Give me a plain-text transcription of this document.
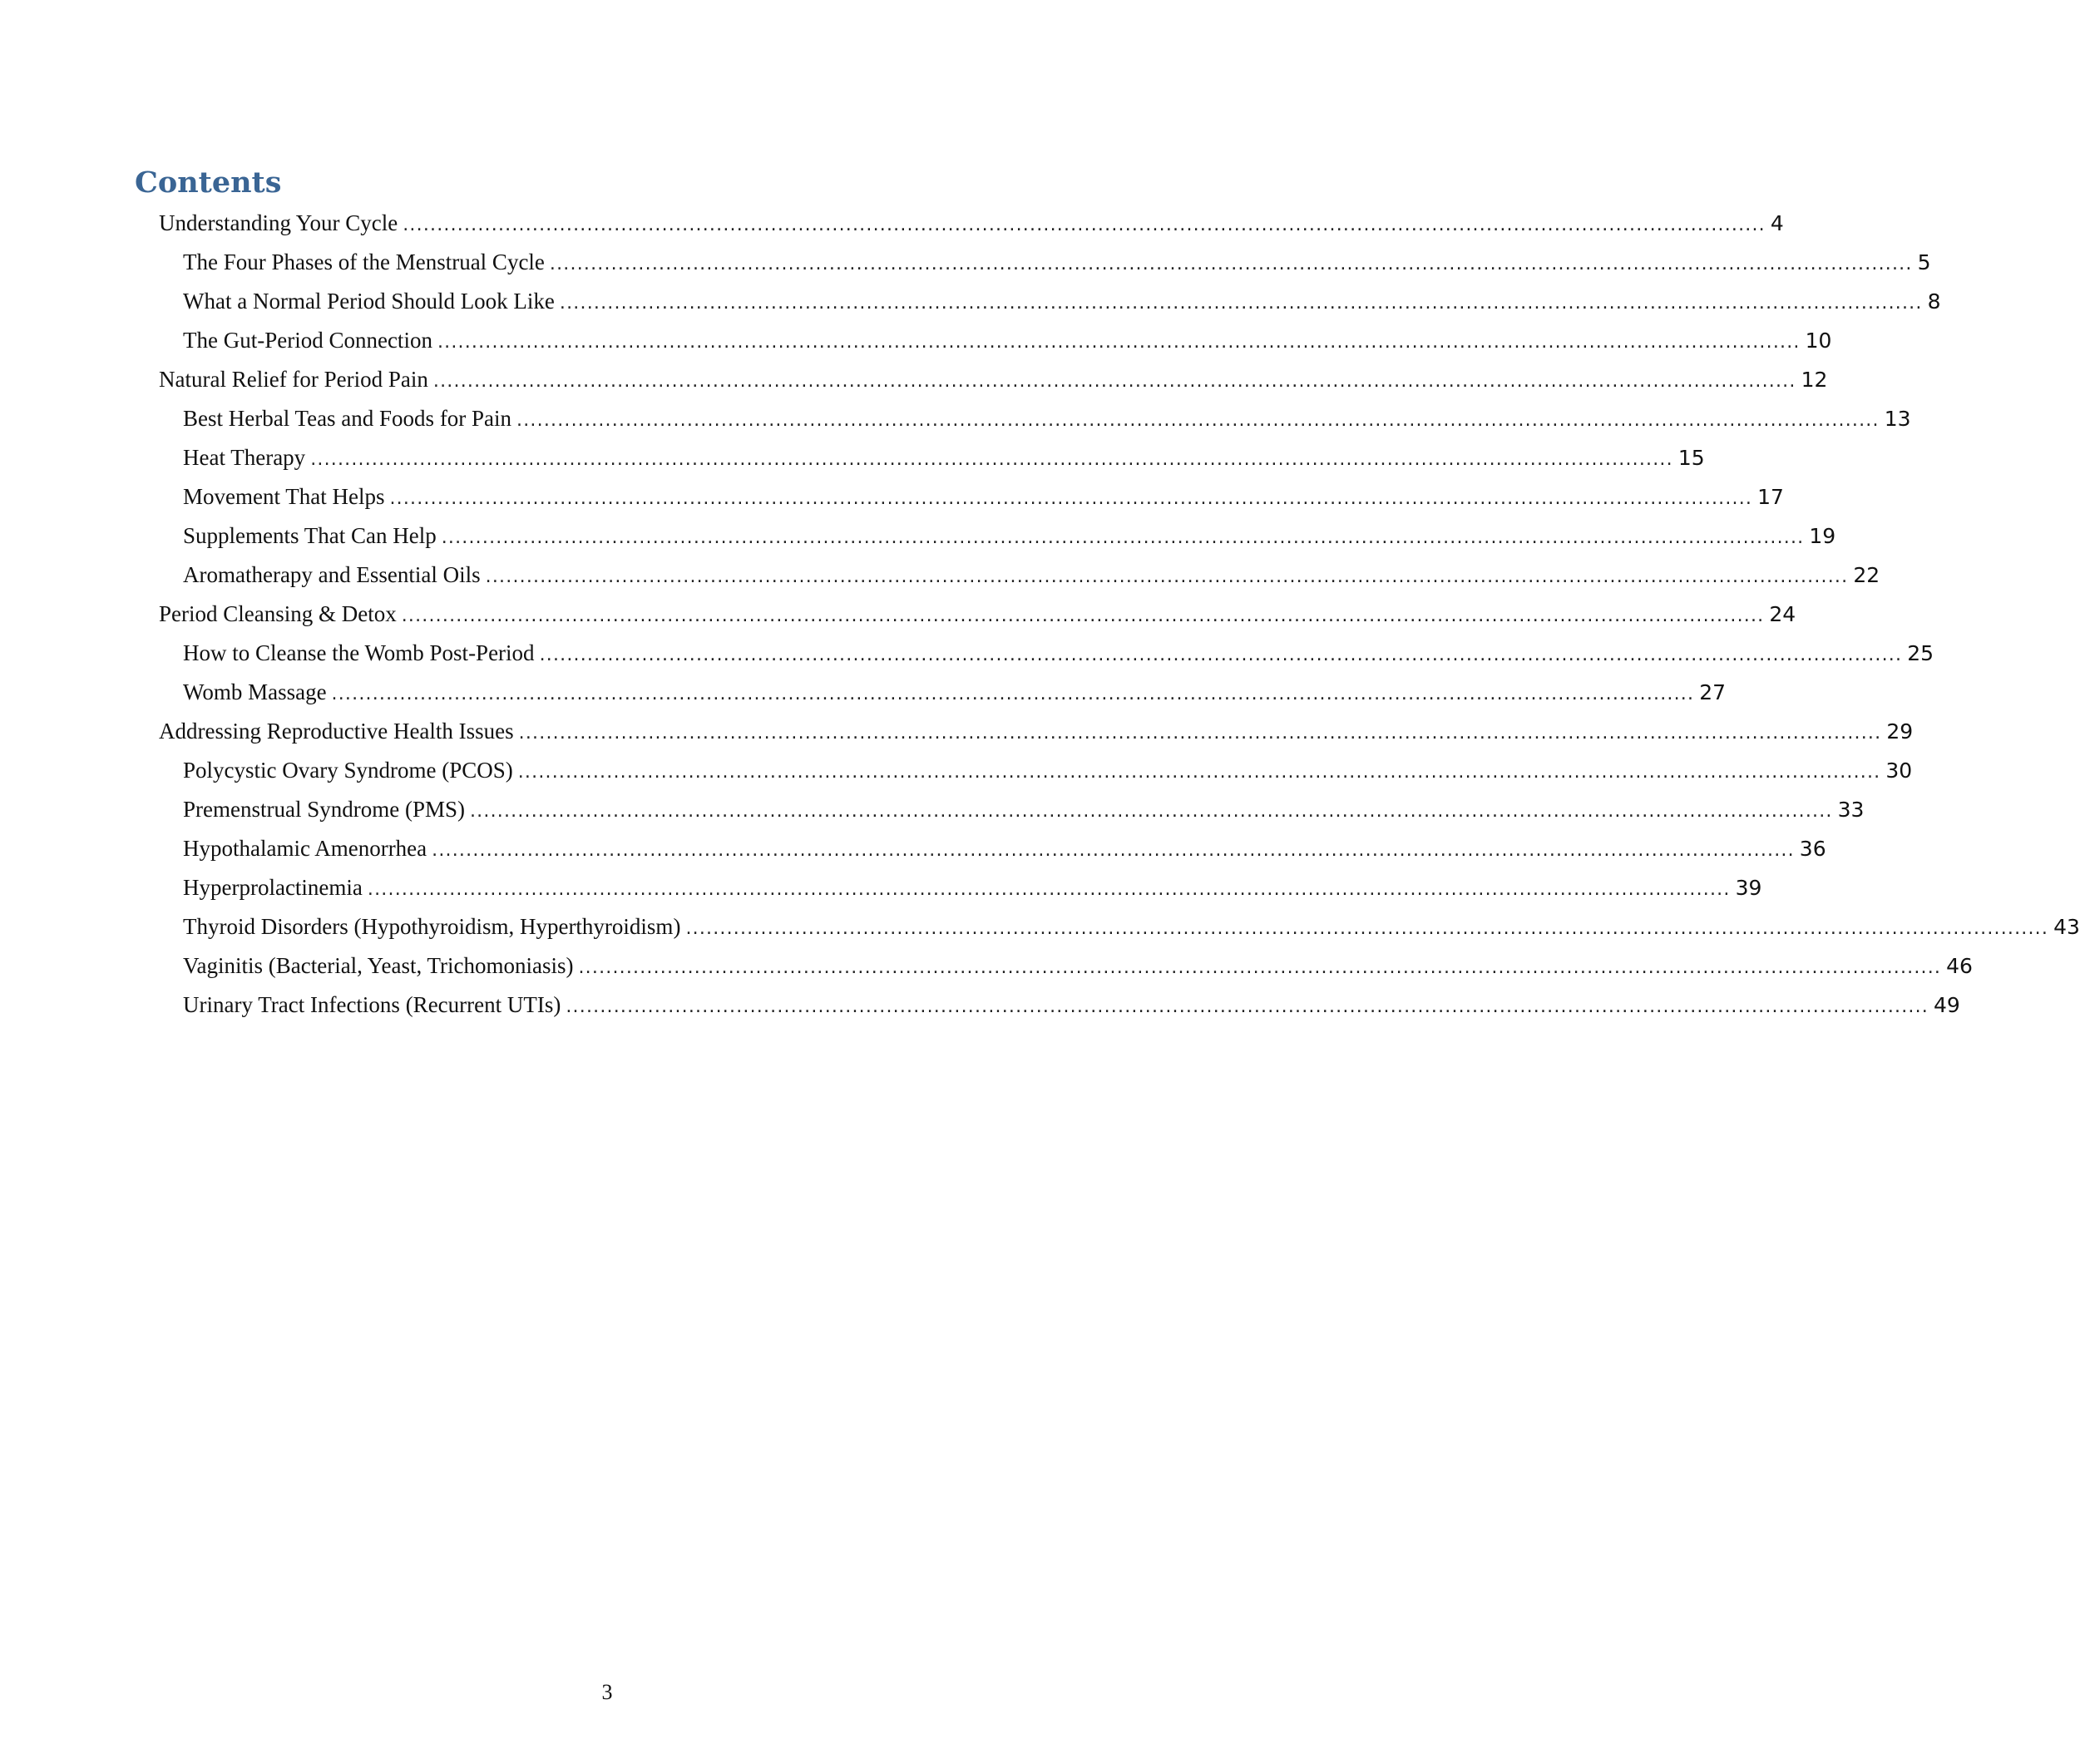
Contents
Understanding Your Cycle ........................................................................................................................................................................................................ 4
The Four Phases of the Menstrual Cycle ........................................................................................................................................................................................................ 5
What a Normal Period Should Look Like ........................................................................................................................................................................................................ 8
The Gut-Period Connection ........................................................................................................................................................................................................ 10
Natural Relief for Period Pain ........................................................................................................................................................................................................ 12
Best Herbal Teas and Foods for Pain ........................................................................................................................................................................................................ 13
Heat Therapy ........................................................................................................................................................................................................ 15
Movement That Helps ........................................................................................................................................................................................................ 17
Supplements That Can Help ........................................................................................................................................................................................................ 19
Aromatherapy and Essential Oils ........................................................................................................................................................................................................ 22
Period Cleansing & Detox ........................................................................................................................................................................................................ 24
How to Cleanse the Womb Post-Period ........................................................................................................................................................................................................ 25
Womb Massage ........................................................................................................................................................................................................ 27
Addressing Reproductive Health Issues ........................................................................................................................................................................................................ 29
Polycystic Ovary Syndrome (PCOS) ........................................................................................................................................................................................................ 30
Premenstrual Syndrome (PMS) ........................................................................................................................................................................................................ 33
Hypothalamic Amenorrhea ........................................................................................................................................................................................................ 36
Hyperprolactinemia ........................................................................................................................................................................................................ 39
Thyroid Disorders (Hypothyroidism, Hyperthyroidism) ........................................................................................................................................................................................................ 43
Vaginitis (Bacterial, Yeast, Trichomoniasis) ........................................................................................................................................................................................................ 46
Urinary Tract Infections (Recurrent UTIs) ........................................................................................................................................................................................................ 49
3
